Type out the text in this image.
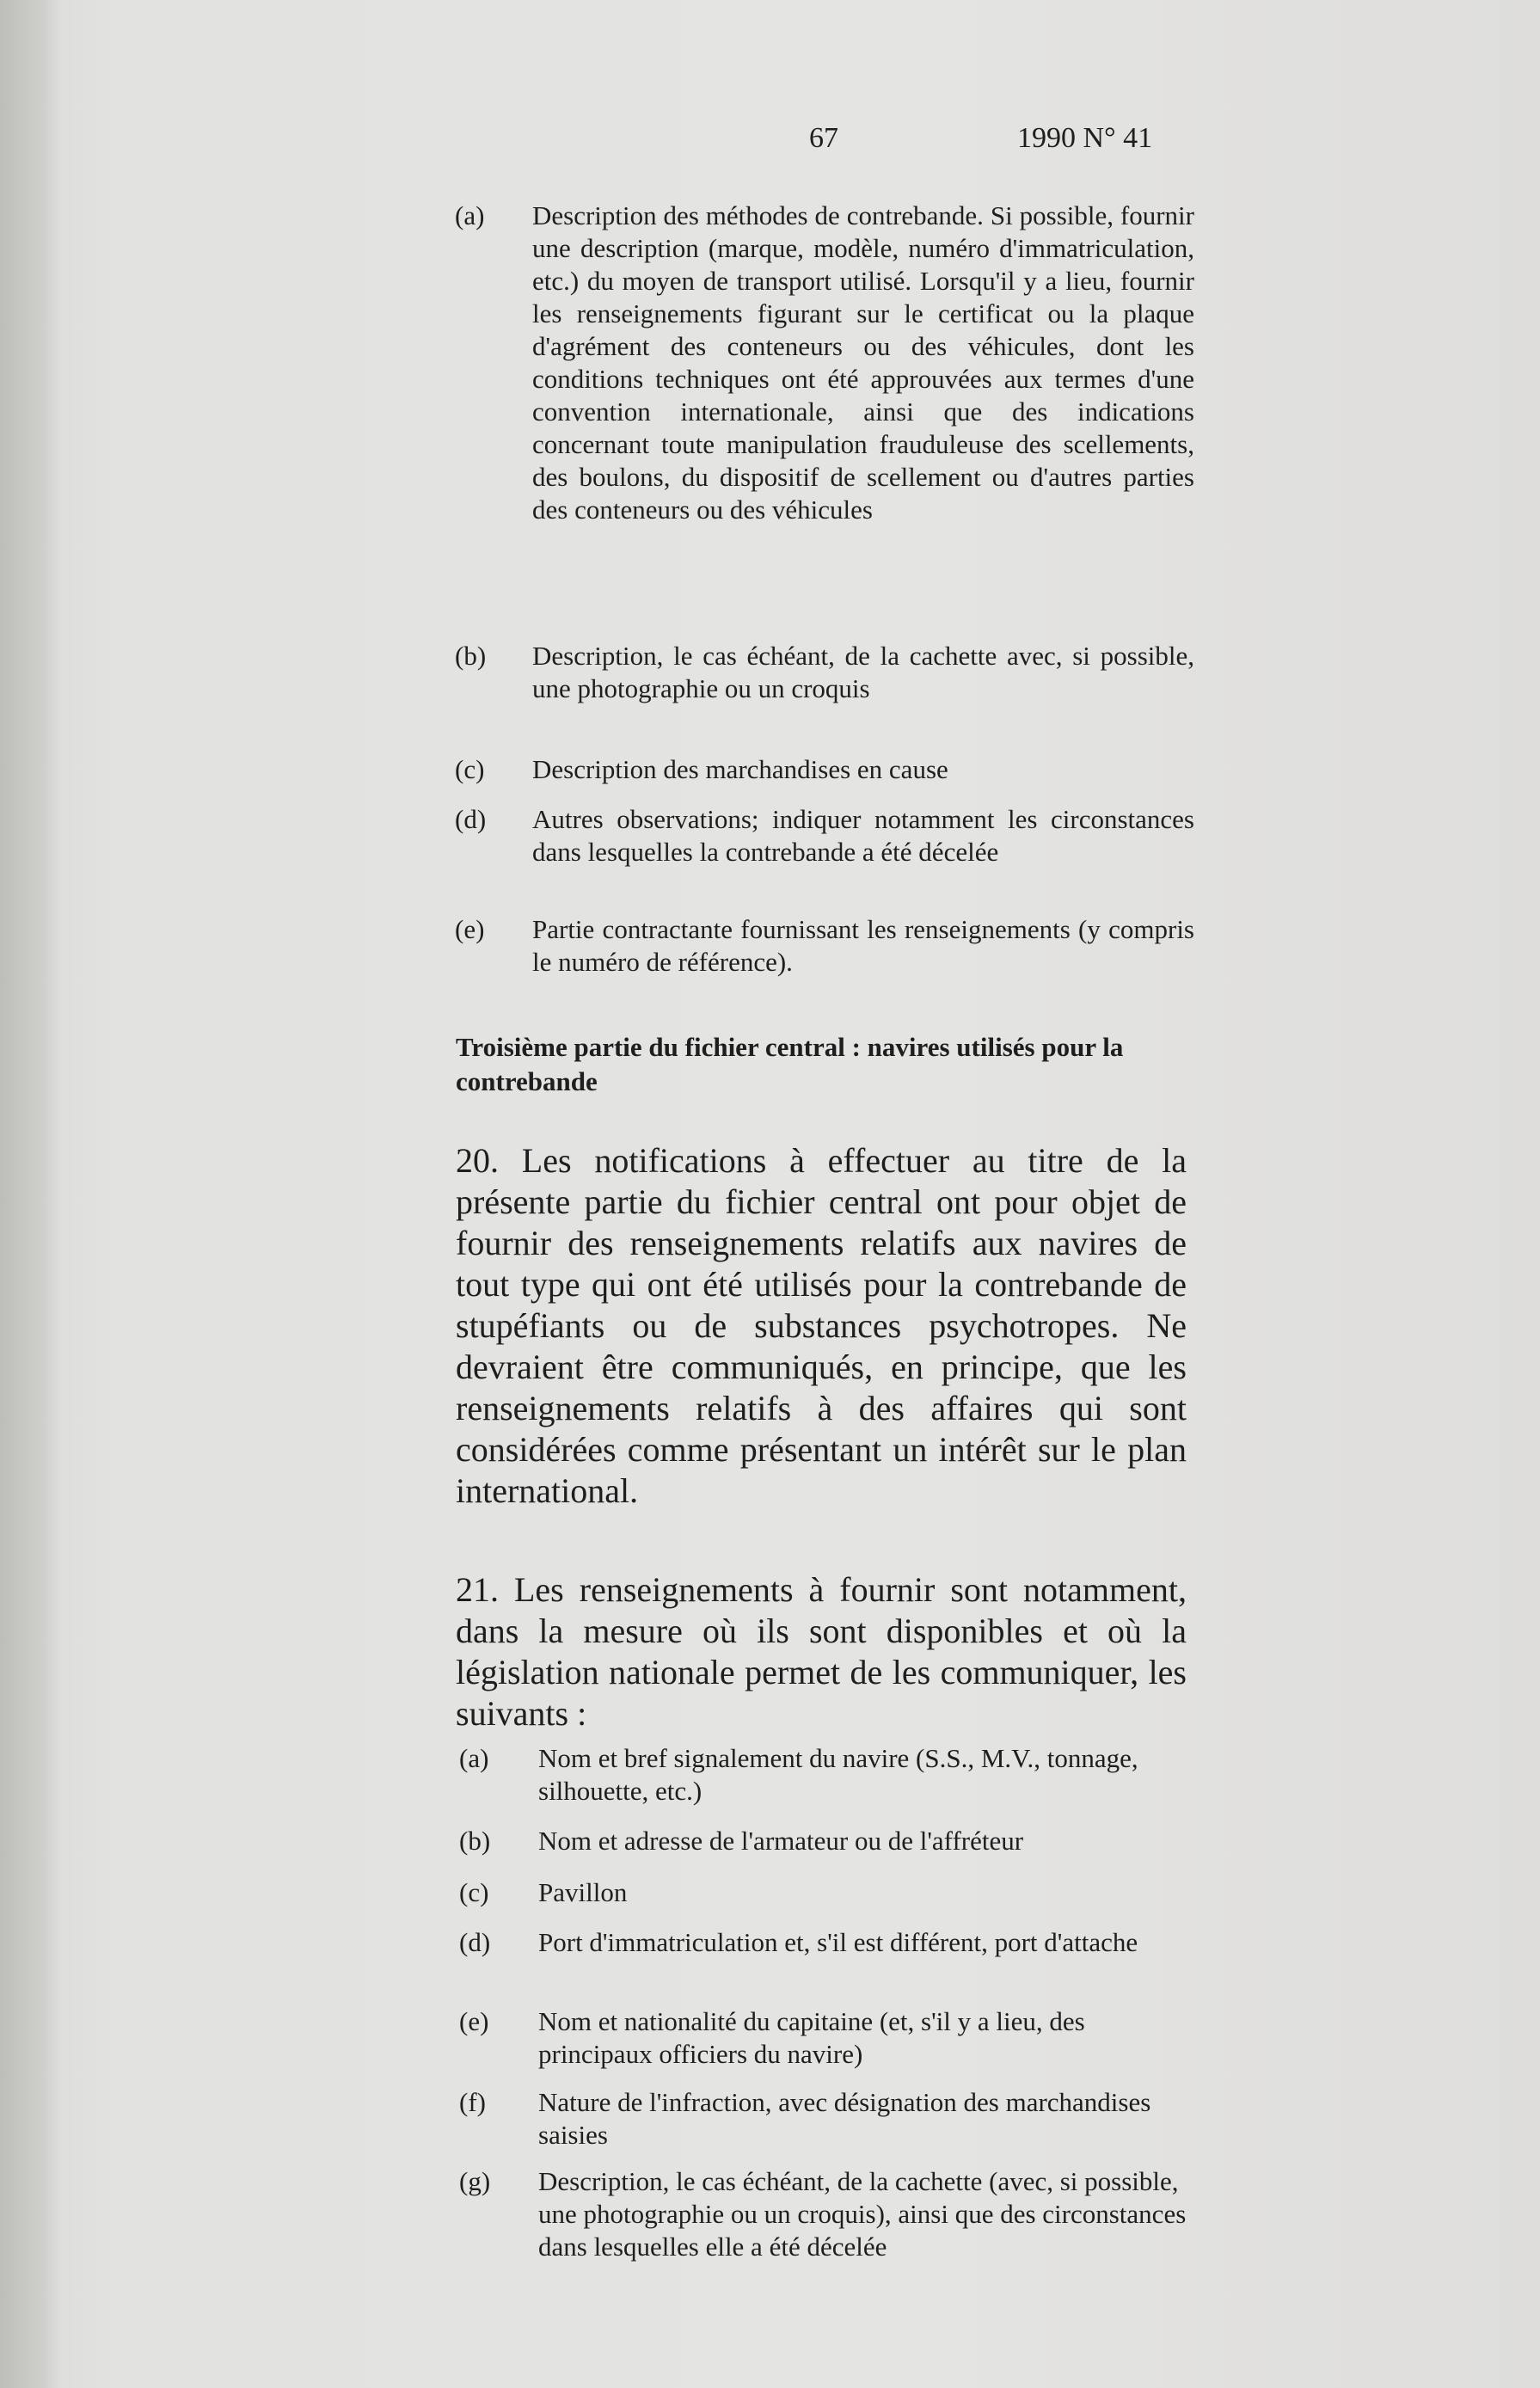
67	1990 N° 41
(a)	Description des méthodes de contrebande. Si possible, fournir une description (marque, modèle, numéro d'immatriculation, etc.) du moyen de transport utilisé. Lorsqu'il y a lieu, fournir les renseignements figurant sur le certificat ou la plaque d'agrément des conteneurs ou des véhicules, dont les conditions techniques ont été approuvées aux termes d'une convention internationale, ainsi que des indications concernant toute manipulation frauduleuse des scellements, des boulons, du dispositif de scellement ou d'autres parties des conteneurs ou des véhicules

(b)	Description, le cas échéant, de la cachette avec, si possible, une photographie ou un croquis

(c)	Description des marchandises en cause

(d)	Autres observations; indiquer notamment les circonstances dans lesquelles la contrebande a été décelée

(e)	Partie contractante fournissant les renseignements (y compris le numéro de référence).

Troisième partie du fichier central : navires utilisés pour la contrebande

20. Les notifications à effectuer au titre de la présente partie du fichier central ont pour objet de fournir des renseignements relatifs aux navires de tout type qui ont été utilisés pour la contrebande de stupéfiants ou de substances psychotropes. Ne devraient être communiqués, en principe, que les renseignements relatifs à des affaires qui sont considérées comme présentant un intérêt sur le plan international.

21. Les renseignements à fournir sont notamment, dans la mesure où ils sont disponibles et où la législation nationale permet de les communiquer, les suivants :

(a)	Nom et bref signalement du navire (S.S., M.V., tonnage, silhouette, etc.)

(b)	Nom et adresse de l'armateur ou de l'affréteur

(c)	Pavillon

(d)	Port d'immatriculation et, s'il est différent, port d'attache

(e)	Nom et nationalité du capitaine (et, s'il y a lieu, des principaux officiers du navire)

(f)	Nature de l'infraction, avec désignation des marchandises saisies

(g)	Description, le cas échéant, de la cachette (avec, si possible, une photographie ou un croquis), ainsi que des circonstances dans lesquelles elle a été décelée
